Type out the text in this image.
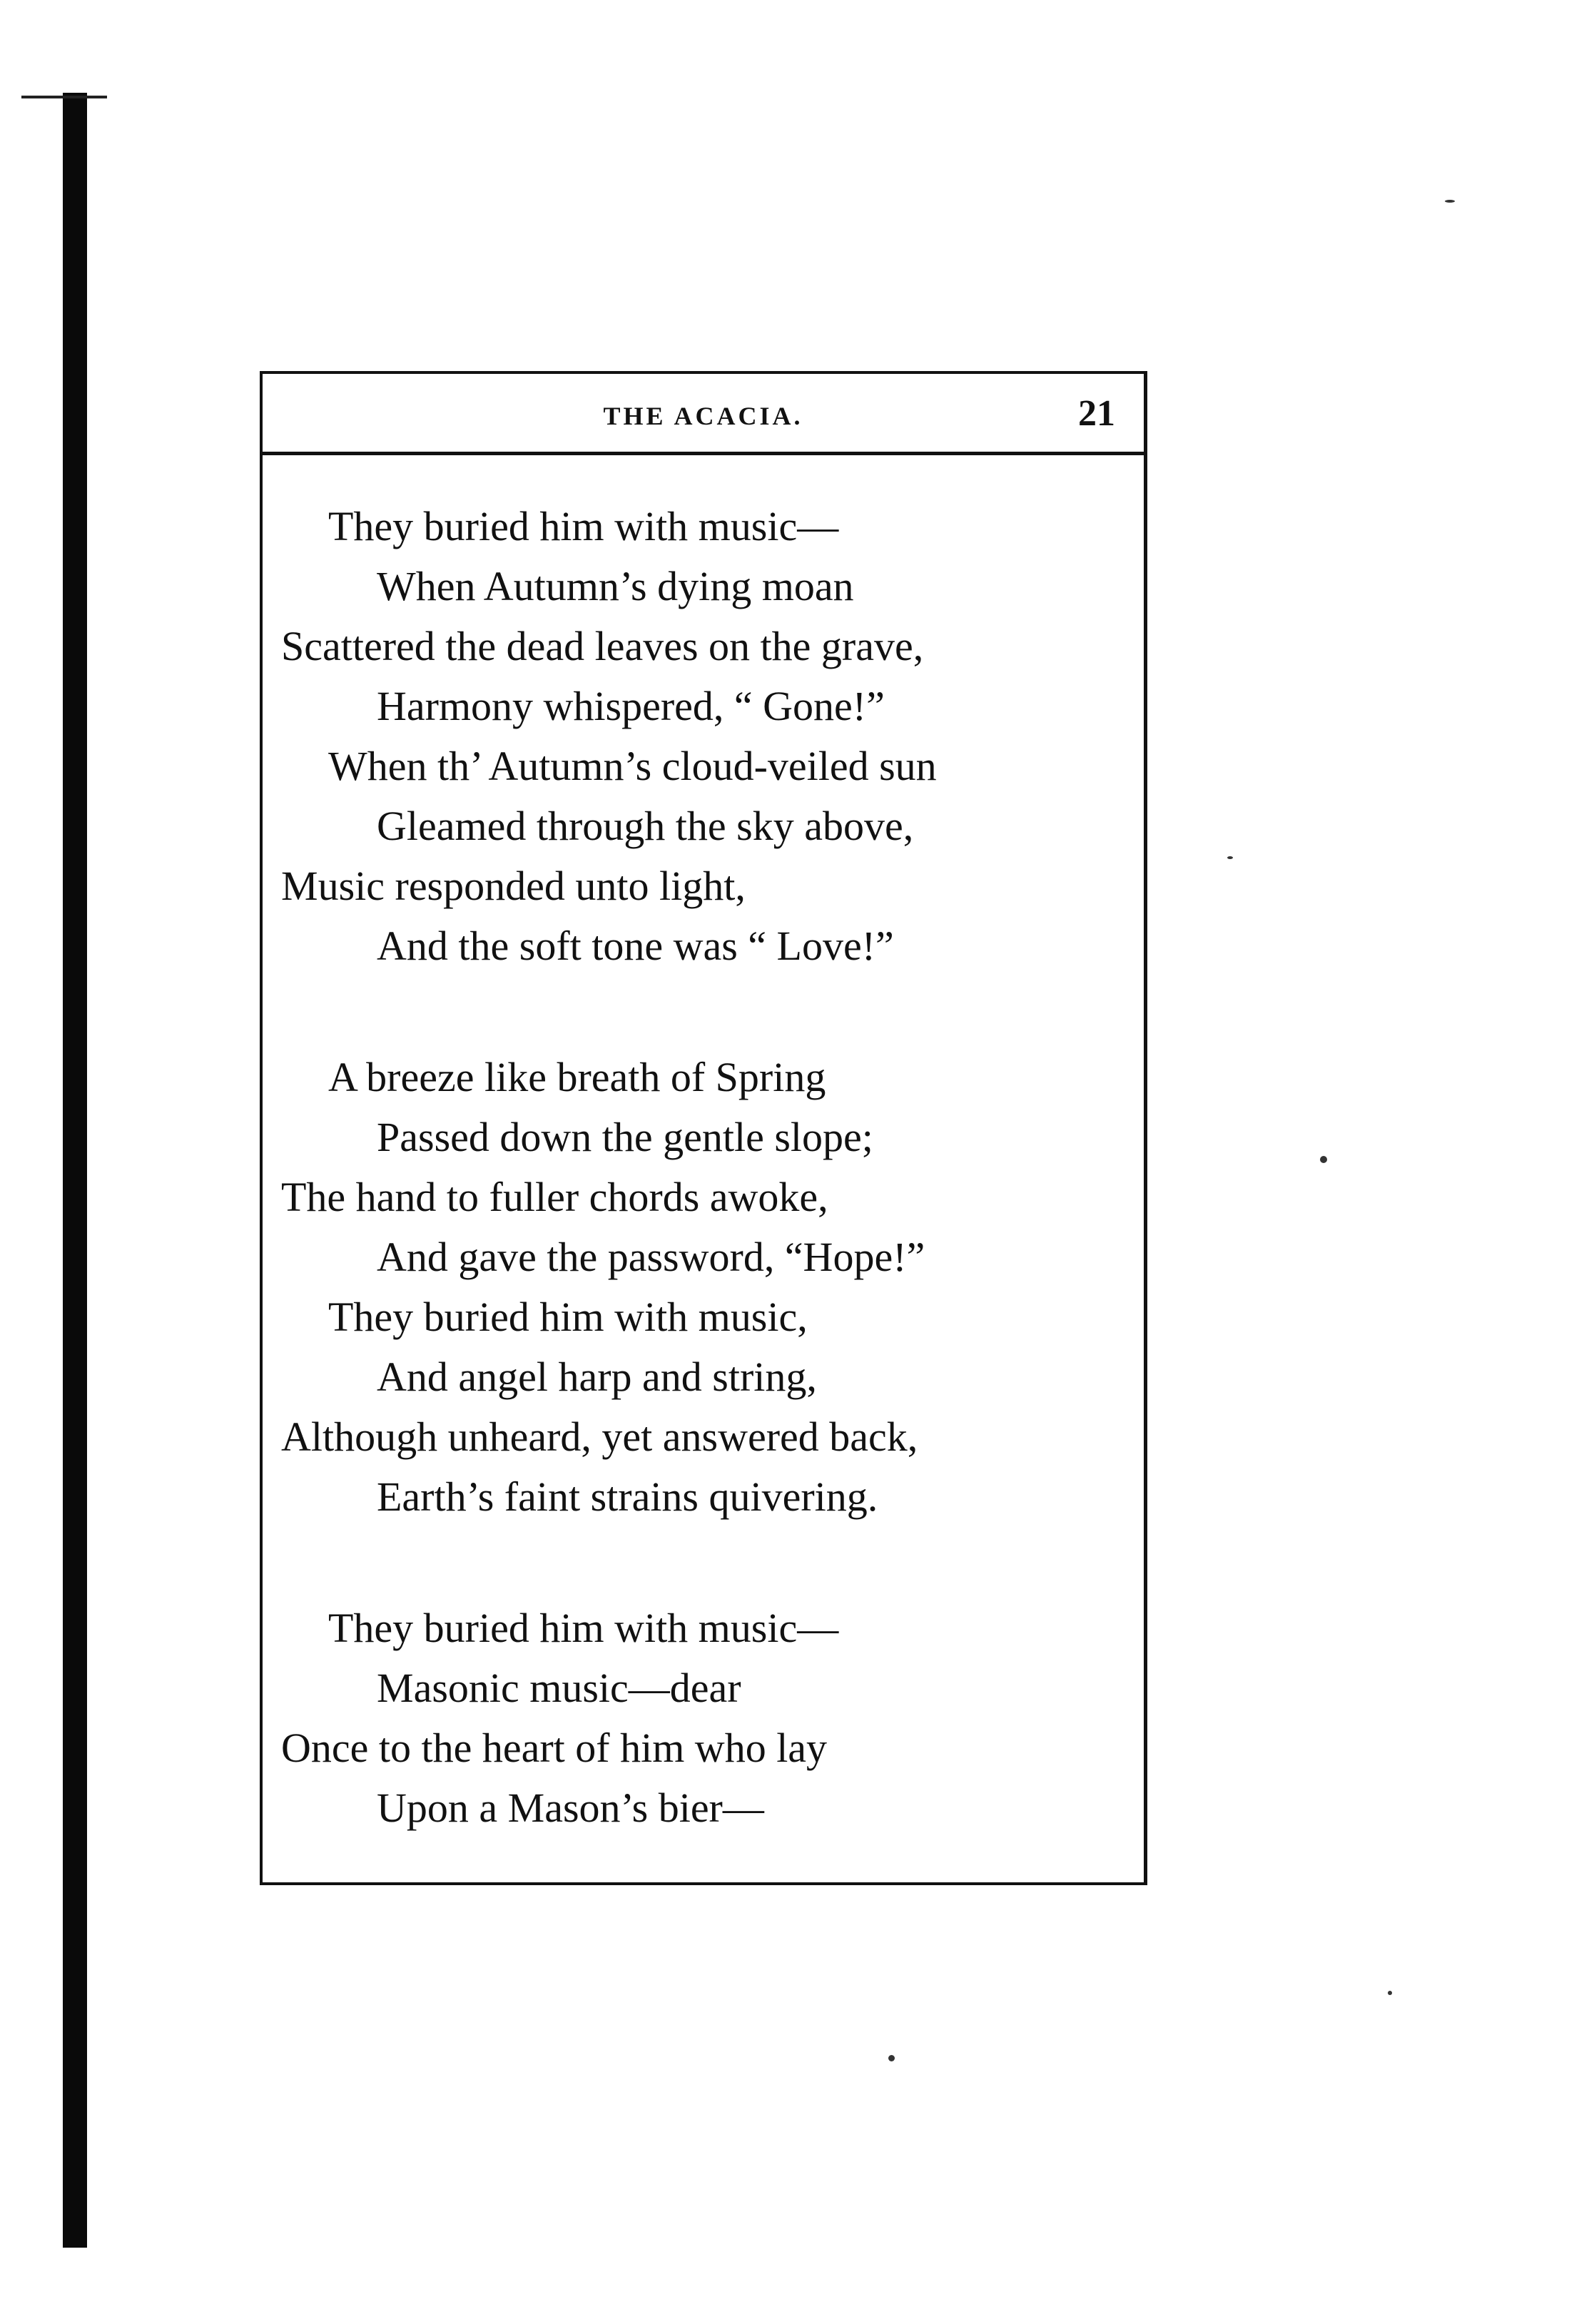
THE ACACIA.	21
They buried him with music—
When Autumn’s dying moan
Scattered the dead leaves on the grave,
Harmony whispered, “ Gone!”
When th’ Autumn’s cloud-veiled sun
Gleamed through the sky above,
Music responded unto light,
And the soft tone was “ Love!”
A breeze like breath of Spring
Passed down the gentle slope;
The hand to fuller chords awoke,
And gave the password, “Hope!”
They buried him with music,
And angel harp and string,
Although unheard, yet answered back,
Earth’s faint strains quivering.
They buried him with music—
Masonic music—dear
Once to the heart of him who lay
Upon a Mason’s bier—
